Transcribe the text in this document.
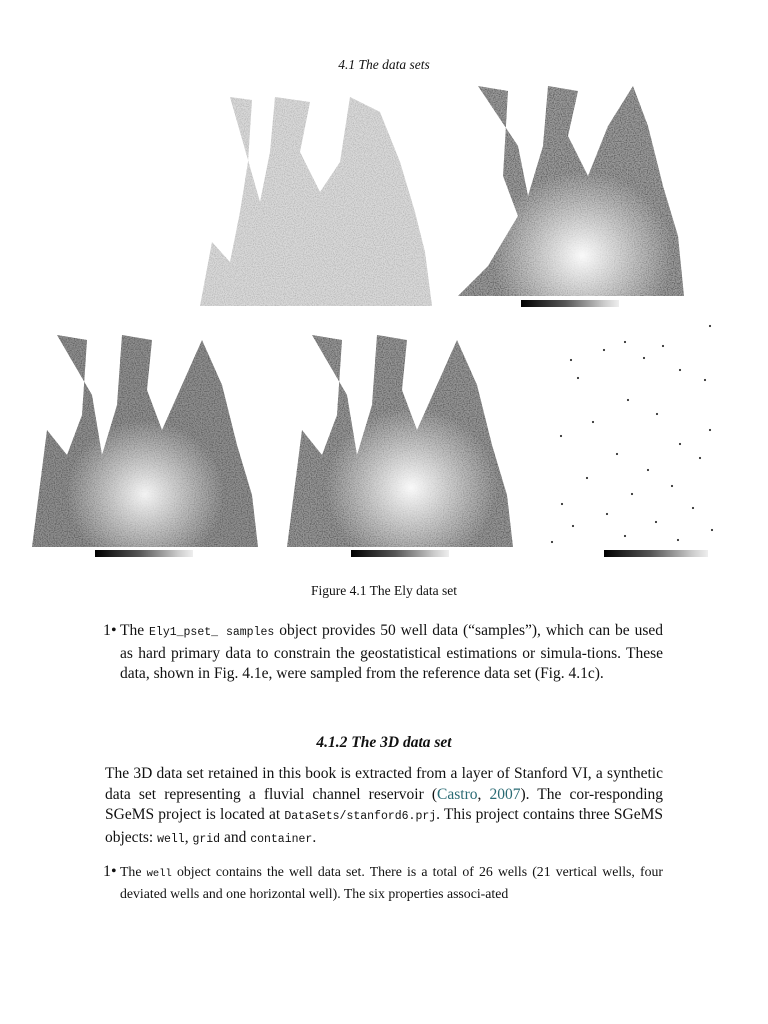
4.1 The data sets
Figure 4.1 The Ely data set
1• The Ely1_pset_ samples object provides 50 well data (“samples”), which can be used as hard primary data to constrain the geostatistical estimations or simula-tions. These data, shown in Fig. 4.1e, were sampled from the reference data set (Fig. 4.1c).

4.1.2 The 3D data set
The 3D data set retained in this book is extracted from a layer of Stanford VI, a synthetic data set representing a fluvial channel reservoir (Castro, 2007). The cor-responding SGeMS project is located at DataSets/stanford6.prj. This project contains three SGeMS objects: well, grid and container.
1• The well object contains the well data set. There is a total of 26 wells (21 vertical wells, four deviated wells and one horizontal well). The six properties associ-ated
